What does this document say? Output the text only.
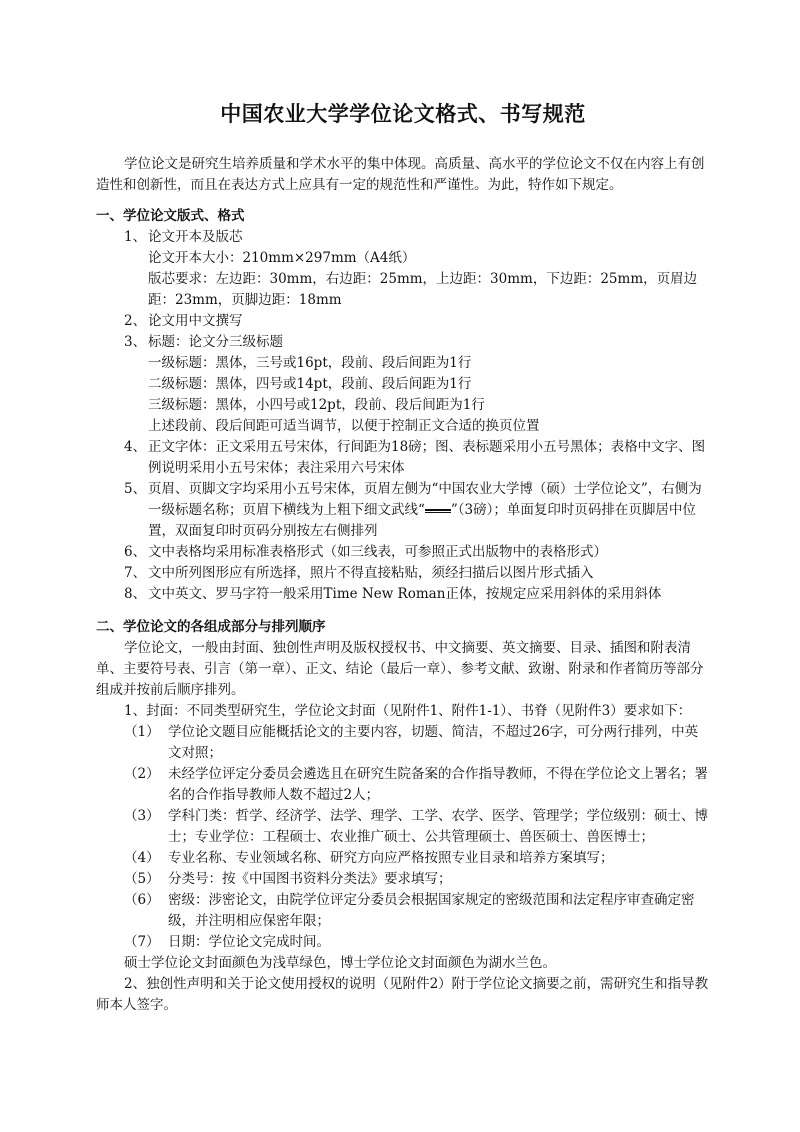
中国农业大学学位论文格式、书写规范

学位论文是研究生培养质量和学术水平的集中体现。高质量、高水平的学位论文不仅在内容上有创造性和创新性，而且在表达方式上应具有一定的规范性和严谨性。为此，特作如下规定。

一、学位论文版式、格式
1、 论文开本及版芯
论文开本大小：210mm×297mm（A4纸）
版芯要求：左边距：30mm，右边距：25mm，上边距：30mm，下边距：25mm，页眉边距：23mm，页脚边距：18mm
2、 论文用中文撰写
3、 标题：论文分三级标题
一级标题：黑体，三号或16pt，段前、段后间距为1行
二级标题：黑体，四号或14pt，段前、段后间距为1行
三级标题：黑体，小四号或12pt，段前、段后间距为1行
上述段前、段后间距可适当调节，以便于控制正文合适的换页位置
4、 正文字体：正文采用五号宋体，行间距为18磅；图、表标题采用小五号黑体；表格中文字、图例说明采用小五号宋体；表注采用六号宋体
5、 页眉、页脚文字均采用小五号宋体，页眉左侧为“中国农业大学博（硕）士学位论文”，右侧为一级标题名称；页眉下横线为上粗下细文武线“ ”（3磅）；单面复印时页码排在页脚居中位置，双面复印时页码分别按左右侧排列
6、 文中表格均采用标准表格形式（如三线表，可参照正式出版物中的表格形式）
7、 文中所列图形应有所选择，照片不得直接粘贴，须经扫描后以图片形式插入
8、 文中英文、罗马字符一般采用Time New Roman正体，按规定应采用斜体的采用斜体
二、学位论文的各组成部分与排列顺序

学位论文，一般由封面、独创性声明及版权授权书、中文摘要、英文摘要、目录、插图和附表清单、主要符号表、引言（第一章）、正文、结论（最后一章）、参考文献、致谢、附录和作者简历等部分组成并按前后顺序排列。

1、封面：不同类型研究生，学位论文封面（见附件1、附件1-1）、书脊（见附件3）要求如下：

（1） 学位论文题目应能概括论文的主要内容，切题、简洁，不超过26字，可分两行排列，中英文对照；
（2） 未经学位评定分委员会遴选且在研究生院备案的合作指导教师，不得在学位论文上署名；署名的合作指导教师人数不超过2人；
（3） 学科门类：哲学、经济学、法学、理学、工学、农学、医学、管理学；学位级别：硕士、博士；专业学位：工程硕士、农业推广硕士、公共管理硕士、兽医硕士、兽医博士；
（4） 专业名称、专业领域名称、研究方向应严格按照专业目录和培养方案填写；
（5） 分类号：按《中国图书资料分类法》要求填写；
（6） 密级：涉密论文，由院学位评定分委员会根据国家规定的密级范围和法定程序审查确定密级，并注明相应保密年限；
（7） 日期：学位论文完成时间。

硕士学位论文封面颜色为浅草绿色，博士学位论文封面颜色为湖水兰色。

2、独创性声明和关于论文使用授权的说明（见附件2）附于学位论文摘要之前，需研究生和指导教师本人签字。
